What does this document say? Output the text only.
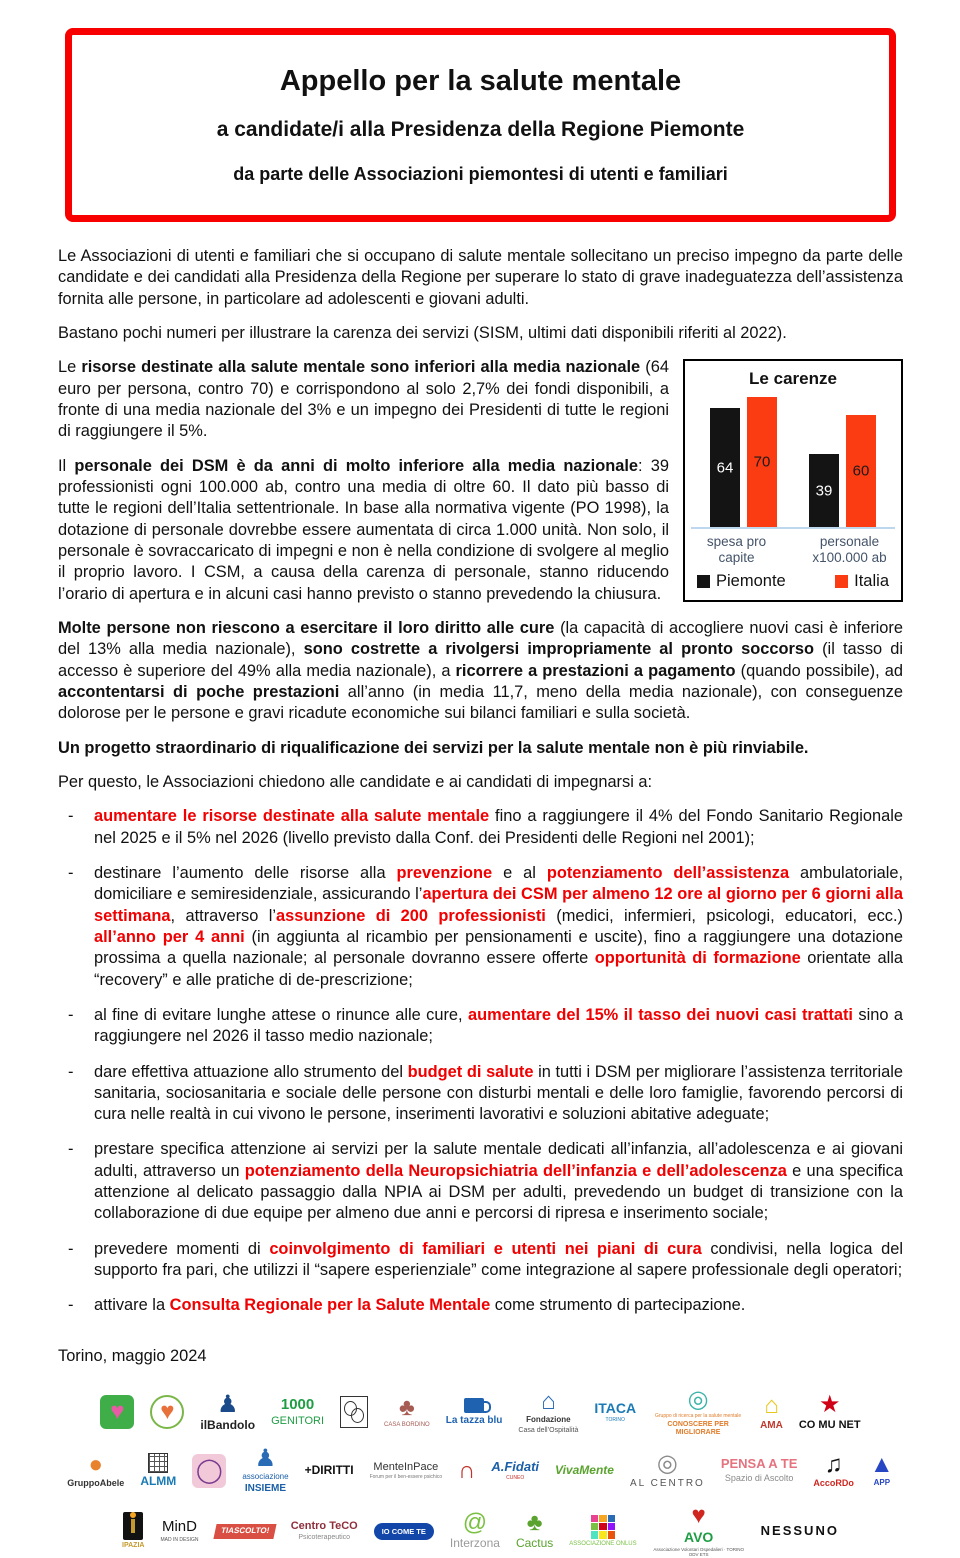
Appello per la salute mentale
a candidate/i alla Presidenza della Regione Piemonte
da parte delle Associazioni piemontesi di utenti e familiari

Le Associazioni di utenti e familiari che si occupano di salute mentale sollecitano un preciso impegno da parte delle candidate e dei candidati alla Presidenza della Regione per superare lo stato di grave inadeguatezza dell’assistenza fornita alle persone, in particolare ad adolescenti e giovani adulti.

Bastano pochi numeri per illustrare la carenza dei servizi (SISM, ultimi dati disponibili riferiti al 2022).

Le carenze
64	70
39
60
spesa pro capite
personale x100.000 ab
Piemonte	Italia

Le risorse destinate alla salute mentale sono inferiori alla media nazionale (64 euro per persona, contro 70) e corrispondono al solo 2,7% dei fondi disponibili, a fronte di una media nazionale del 3% e un impegno dei Presidenti di tutte le regioni di raggiungere il 5%.

Il personale dei DSM è da anni di molto inferiore alla media nazionale: 39 professionisti ogni 100.000 ab, contro una media di oltre 60. Il dato più basso di tutte le regioni dell’Italia settentrionale. In base alla normativa vigente (PO 1998), la dotazione di personale dovrebbe essere aumentata di circa 1.000 unità. Non solo, il personale è sovraccaricato di impegni e non è nella condizione di svolgere al meglio il proprio lavoro. I CSM, a causa della carenza di personale, stanno riducendo l’orario di apertura e in alcuni casi hanno previsto o stanno prevedendo la chiusura.

Molte persone non riescono a esercitare il loro diritto alle cure (la capacità di accogliere nuovi casi è inferiore del 13% alla media nazionale), sono costrette a rivolgersi impropriamente al pronto soccorso (il tasso di accesso è superiore del 49% alla media nazionale), a ricorrere a prestazioni a pagamento (quando possibile), ad accontentarsi di poche prestazioni all’anno (in media 11,7, meno della media nazionale), con conseguenze dolorose per le persone e gravi ricadute economiche sui bilanci familiari e sulla società.

Un progetto straordinario di riqualificazione dei servizi per la salute mentale non è più rinviabile.

Per questo, le Associazioni chiedono alle candidate e ai candidati di impegnarsi a:

- aumentare le risorse destinate alla salute mentale fino a raggiungere il 4% del Fondo Sanitario Regionale nel 2025 e il 5% nel 2026 (livello previsto dalla Conf. dei Presidenti delle Regioni nel 2001);
- destinare l’aumento delle risorse alla prevenzione e al potenziamento dell’assistenza ambulatoriale, domiciliare e semiresidenziale, assicurando l’apertura dei CSM per almeno 12 ore al giorno per 6 giorni alla settimana, attraverso l’assunzione di 200 professionisti (medici, infermieri, psicologi, educatori, ecc.) all’anno per 4 anni (in aggiunta al ricambio per pensionamenti e uscite), fino a raggiungere una dotazione prossima a quella nazionale; al personale dovranno essere offerte opportunità di formazione orientate alla “recovery” e alle pratiche di de-prescrizione;
- al fine di evitare lunghe attese o rinunce alle cure, aumentare del 15% il tasso dei nuovi casi trattati sino a raggiungere nel 2026 il tasso medio nazionale;
- dare effettiva attuazione allo strumento del budget di salute in tutti i DSM per migliorare l’assistenza territoriale sanitaria, sociosanitaria e sociale delle persone con disturbi mentali e delle loro famiglie, favorendo percorsi di cura nelle realtà in cui vivono le persone, inserimenti lavorativi e soluzioni abitative adeguate;
- prestare specifica attenzione ai servizi per la salute mentale dedicati all’infanzia, all’adolescenza e ai giovani adulti, attraverso un potenziamento della Neuropsichiatria dell’infanzia e dell’adolescenza e una specifica attenzione al delicato passaggio dalla NPIA ai DSM per adulti, prevedendo un budget di transizione con la collaborazione di due equipe per almeno due anni e percorsi di ripresa e inserimento sociale;
- prevedere momenti di coinvolgimento di familiari e utenti nei piani di cura condivisi, nella logica del supporto fra pari, che utilizzi il “sapere esperienziale” come integrazione al sapere professionale degli operatori;
- attivare la Consulta Regionale per la Salute Mentale come strumento di partecipazione.

Torino, maggio 2024

♥ ♥ ♟
ilBandolo
1000
GENITORI
♣
CASA BORDINO La tazza blu
⌂
Fondazione
Casa dell’Ospitalità
ITACA
TORINO
◎
Gruppo di ricerca per la salute mentale
CONOSCERE PER MIGLIORARE
⌂
AMA
★
CO MU NET
●
GruppoAbele ALMM ◯ ♟
associazione
INSIEME
+DIRITTI MenteInPace
Forum per il ben-essere psichico ∩ A.Fidati
CUNEO
VivaMente ◎
AL CENTRO
PENSA A TE
Spazio di Ascolto
♫
AccoRDo
▲
APP
IPAZIA
MinD
MAD IN DESIGN
TIASCOLTO!	Centro TeCO
Psicoterapeutico
IO COME TE	@
Interzona
♣
Cactus	ASSOCIAZIONE ONLUS
♥
AVO
Associazione Volontari Ospedalieri · TORINO ODV ETS
NESSUNO
